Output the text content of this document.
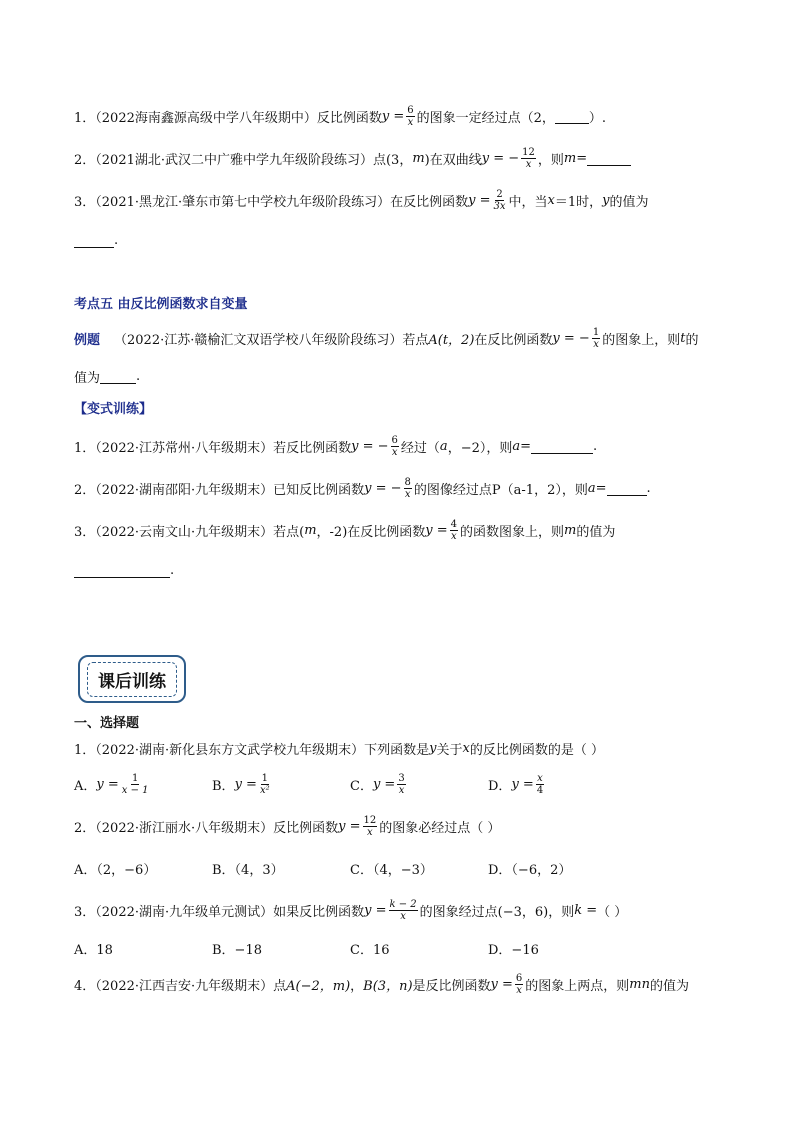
1．（2022海南鑫源高级中学八年级期中）反比例函数 $y = \frac{6}{x}$ 的图象一定经过点（2，	）.
2．（2021湖北·武汉二中广雅中学九年级阶段练习）点(3， m )在双曲线 y = − $\frac{12}{x}$ ，则 m =
3．（2021·黑龙江·肇东市第七中学校九年级阶段练习）在反比例函数 $y = \frac{2}{3x}$ 中，当 x ＝1时， y 的值为
.
考点五 由反比例函数求自变量
例题 （2022·江苏·赣榆汇文双语学校八年级阶段练习）若点 A(t，2) 在反比例函数 y = − $\frac{1}{x}$ 的图象上，则 t 的
值为	.
【变式训练】
1．（2022·江苏常州·八年级期末）若反比例函数 y = − $\frac{6}{x}$ 经过（ a ，−2），则 a =	.
2．（2022·湖南邵阳·九年级期末）已知反比例函数 y = − $\frac{8}{x}$ 的图像经过点 P（a-1，2），则 a =	.
3．（2022·云南文山·九年级期末）若点( m ，-2)在反比例函数 $y = \frac{4}{x}$ 的函数图象上，则 m 的值为
.
课后训练
一、选择题
1．（2022·湖南·新化县东方文武学校九年级期末）下列函数是 y 关于 x 的反比例函数的是（ ）
A． $y = \frac{1}{x - 1}$	B． $y = \frac{1}{\text{x²}}$	C． $y = \frac{3}{x}$	D． $y = \frac{x}{4}$
2．（2022·浙江丽水·八年级期末）反比例函数 $y = \frac{12}{x}$ 的图象必经过点（ ）
A．（2，−6）	B．（4，3）	C．（4，−3）	D．（−6，2）
3．（2022·湖南·九年级单元测试）如果反比例函数 $y = \frac{k - 2}{x}$ 的图象经过点(−3，6)，则 k = （ ）
A．18	B．−18	C．16	D．−16
4．（2022·江西吉安·九年级期末）点 A(−2，m) ， B(3，n) 是反比例函数 $y = \frac{6}{x}$ 的图象上两点，则 mn 的值为
